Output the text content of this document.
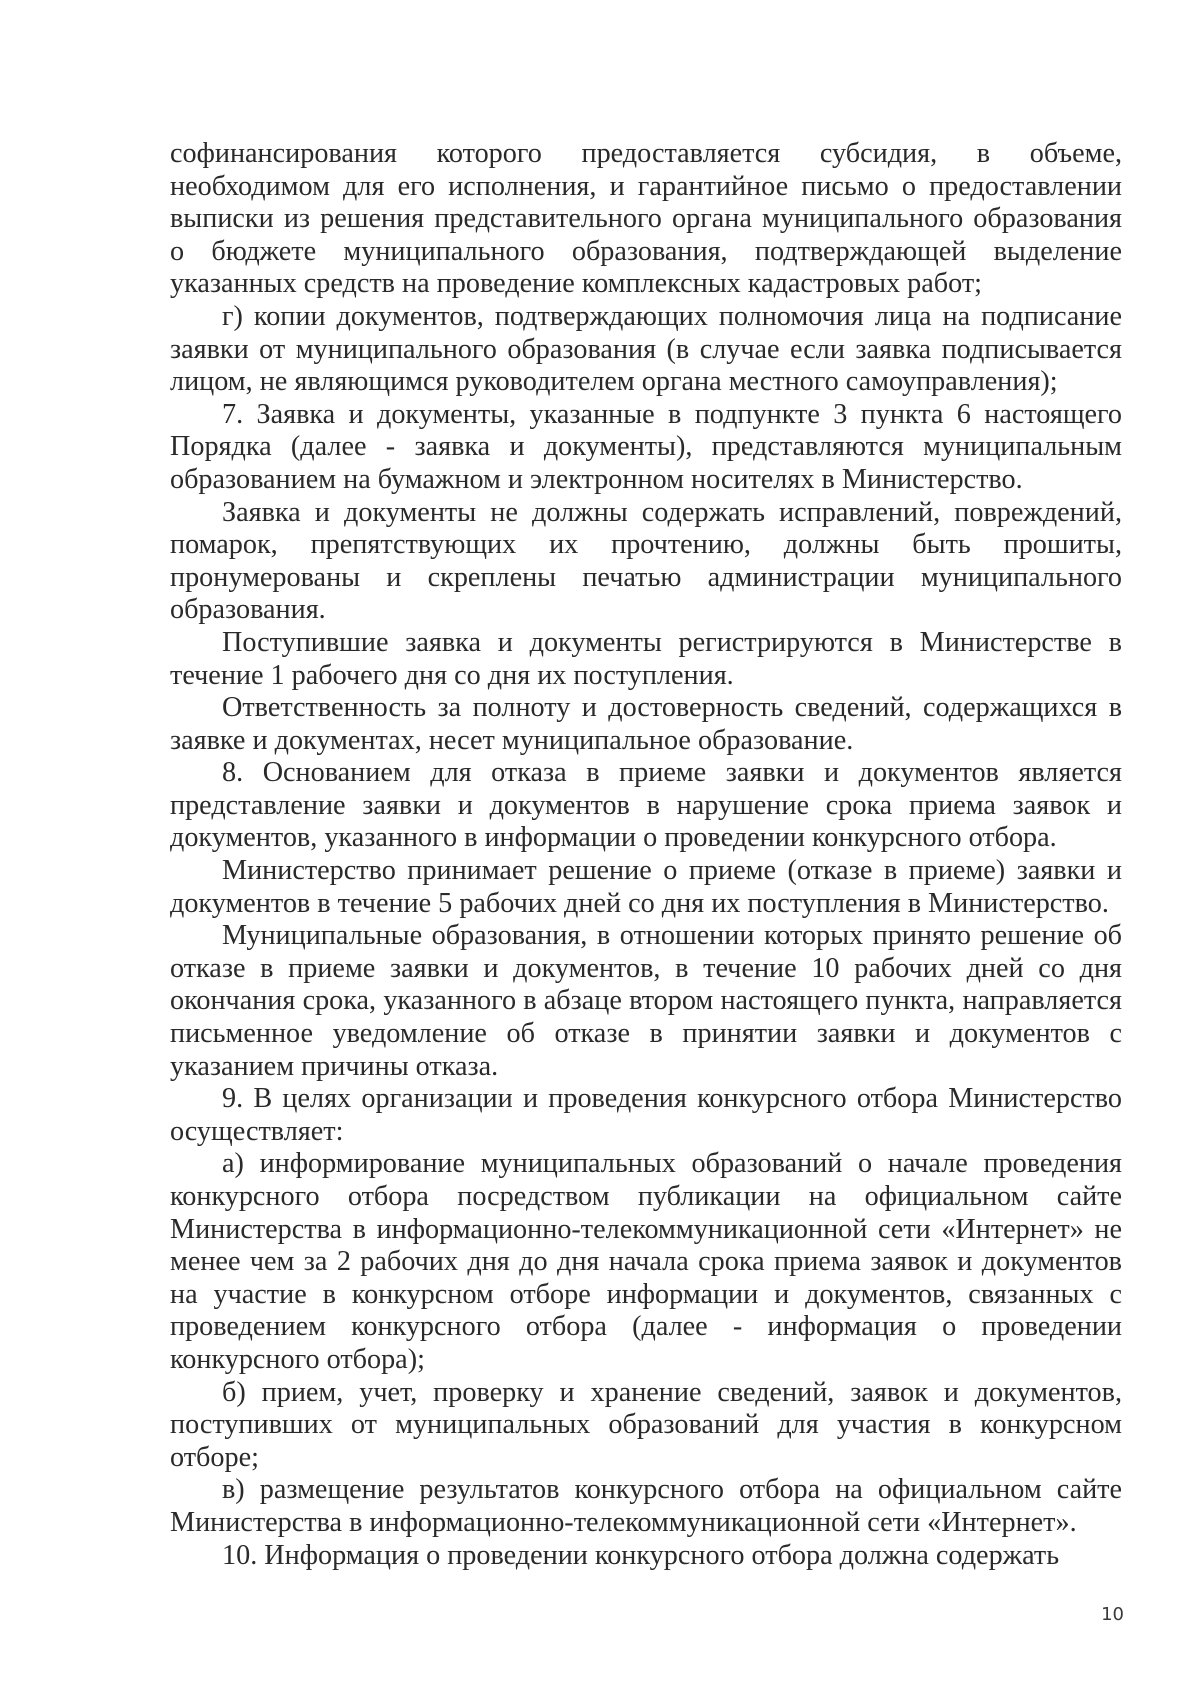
софинансирования которого предоставляется субсидия, в объеме, необходимом для его исполнения, и гарантийное письмо о предоставлении выписки из решения представительного органа муниципального образования о бюджете муниципального образования, подтверждающей выделение указанных средств на проведение комплексных кадастровых работ;

г) копии документов, подтверждающих полномочия лица на подписание заявки от муниципального образования (в случае если заявка подписывается лицом, не являющимся руководителем органа местного самоуправления);

7. Заявка и документы, указанные в подпункте 3 пункта 6 настоящего Порядка (далее - заявка и документы), представляются муниципальным образованием на бумажном и электронном носителях в Министерство.

Заявка и документы не должны содержать исправлений, повреждений, помарок, препятствующих их прочтению, должны быть прошиты, пронумерованы и скреплены печатью администрации муниципального образования.

Поступившие заявка и документы регистрируются в Министерстве в течение 1 рабочего дня со дня их поступления.

Ответственность за полноту и достоверность сведений, содержащихся в заявке и документах, несет муниципальное образование.

8. Основанием для отказа в приеме заявки и документов является представление заявки и документов в нарушение срока приема заявок и документов, указанного в информации о проведении конкурсного отбора.

Министерство принимает решение о приеме (отказе в приеме) заявки и документов в течение 5 рабочих дней со дня их поступления в Министерство.

Муниципальные образования, в отношении которых принято решение об отказе в приеме заявки и документов, в течение 10 рабочих дней со дня окончания срока, указанного в абзаце втором настоящего пункта, направляется письменное уведомление об отказе в принятии заявки и документов с указанием причины отказа.

9. В целях организации и проведения конкурсного отбора Министерство осуществляет:

а) информирование муниципальных образований о начале проведения конкурсного отбора посредством публикации на официальном сайте Министерства в информационно-телекоммуникационной сети «Интернет» не менее чем за 2 рабочих дня до дня начала срока приема заявок и документов на участие в конкурсном отборе информации и документов, связанных с проведением конкурсного отбора (далее - информация о проведении конкурсного отбора);

б) прием, учет, проверку и хранение сведений, заявок и документов, поступивших от муниципальных образований для участия в конкурсном отборе;

в) размещение результатов конкурсного отбора на официальном сайте Министерства в информационно-телекоммуникационной сети «Интернет».

10. Информация о проведении конкурсного отбора должна содержать

10
